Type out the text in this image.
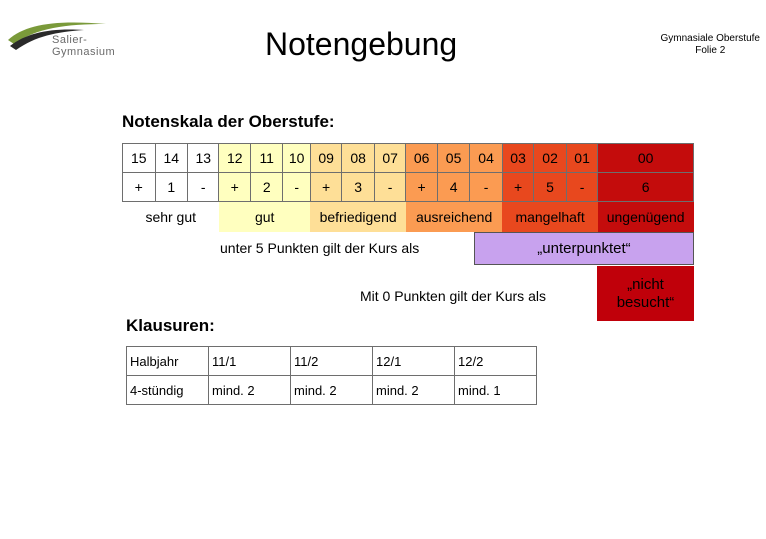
Salier-
Gymnasium	Notengebung	Gymnasiale Oberstufe
Folie 2
Notenskala der Oberstufe:
15	14	13	12	11	10	09	08	07	06	05	04	03	02	01	00
+	1	-	+	2	-	+	3	-	+	4	-	+	5	-	6
sehr gut			gut			befriedigend			ausreichend			mangelhaft			ungenügend
unter 5 Punkten gilt der Kurs als	„unterpunktet“
Mit 0 Punkten gilt der Kurs als
„nicht besucht“
Klausuren:
Halbjahr	11/1	11/2	12/1	12/2
4-stündig	mind. 2	mind. 2	mind. 2	mind. 1
